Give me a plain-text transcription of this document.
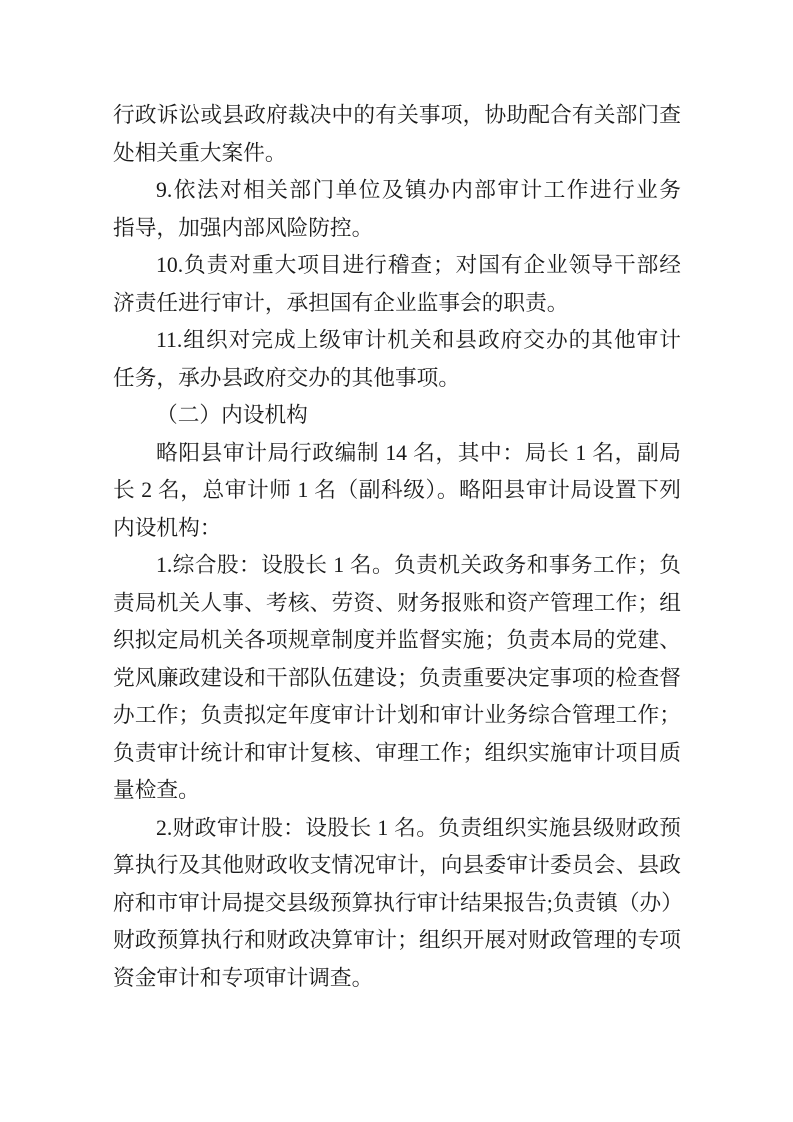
行政诉讼或县政府裁决中的有关事项，协助配合有关部门查
处相关重大案件。
9.依法对相关部门单位及镇办内部审计工作进行业务
指导，加强内部风险防控。
10.负责对重大项目进行稽查；对国有企业领导干部经
济责任进行审计，承担国有企业监事会的职责。
11.组织对完成上级审计机关和县政府交办的其他审计
任务，承办县政府交办的其他事项。
（二）内设机构
略阳县审计局行政编制 14 名，其中：局长 1 名，副局
长 2 名，总审计师 1 名（副科级）。略阳县审计局设置下列
内设机构：
1.综合股：设股长 1 名。负责机关政务和事务工作；负
责局机关人事、考核、劳资、财务报账和资产管理工作；组
织拟定局机关各项规章制度并监督实施；负责本局的党建、
党风廉政建设和干部队伍建设；负责重要决定事项的检查督
办工作；负责拟定年度审计计划和审计业务综合管理工作；
负责审计统计和审计复核、审理工作；组织实施审计项目质
量检查。
2.财政审计股：设股长 1 名。负责组织实施县级财政预
算执行及其他财政收支情况审计，向县委审计委员会、县政
府和市审计局提交县级预算执行审计结果报告;负责镇（办）
财政预算执行和财政决算审计；组织开展对财政管理的专项
资金审计和专项审计调查。
